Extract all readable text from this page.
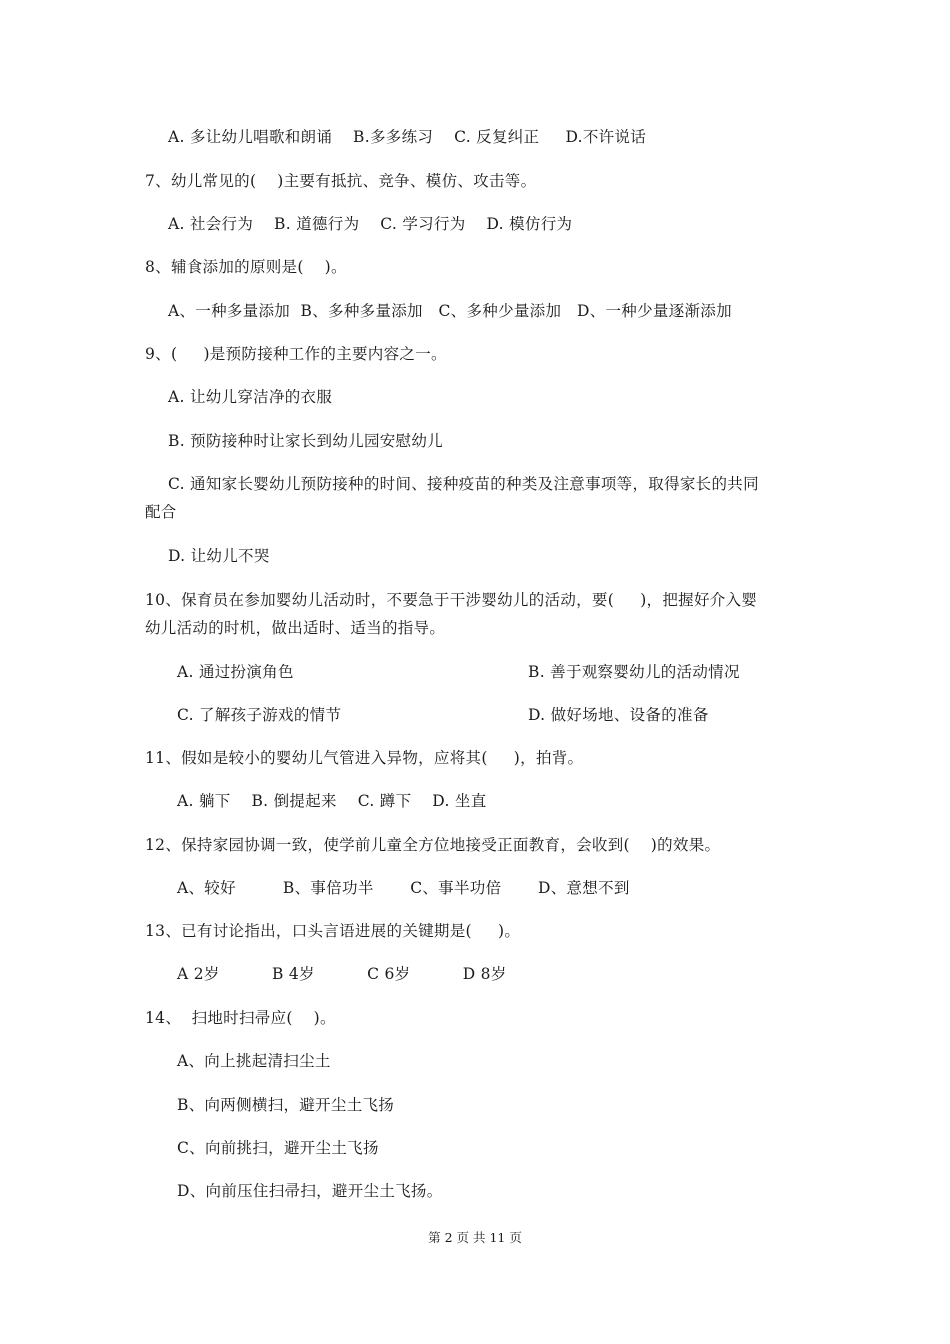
A. 多让幼儿唱歌和朗诵    B.多多练习    C. 反复纠正     D.不许说话
7、幼儿常见的(    )主要有抵抗、竞争、模仿、攻击等。
A. 社会行为    B. 道德行为    C. 学习行为    D. 模仿行为
8、辅食添加的原则是(    )。
A、一种多量添加  B、多种多量添加   C、多种少量添加   D、一种少量逐渐添加
9、(     )是预防接种工作的主要内容之一。
A. 让幼儿穿洁净的衣服
B. 预防接种时让家长到幼儿园安慰幼儿
C. 通知家长婴幼儿预防接种的时间、接种疫苗的种类及注意事项等，取得家长的共同
配合
D. 让幼儿不哭
10、保育员在参加婴幼儿活动时，不要急于干涉婴幼儿的活动，要(     )，把握好介入婴
幼儿活动的时机，做出适时、适当的指导。
A. 通过扮演角色	B. 善于观察婴幼儿的活动情况
C. 了解孩子游戏的情节	D. 做好场地、设备的准备
11、假如是较小的婴幼儿气管进入异物，应将其(     )，拍背。
A. 躺下    B. 倒提起来    C. 蹲下    D. 坐直
12、保持家园协调一致，使学前儿童全方位地接受正面教育，会收到(    )的效果。
A、较好         B、事倍功半       C、事半功倍       D、意想不到
13、已有讨论指出，口头言语进展的关键期是(     )。
A 2岁          B 4岁          C 6岁          D 8岁
14、  扫地时扫帚应(    )。
A、向上挑起清扫尘土
B、向两侧横扫，避开尘土飞扬
C、向前挑扫，避开尘土飞扬
D、向前压住扫帚扫，避开尘土飞扬。
第 2 页 共 11 页
